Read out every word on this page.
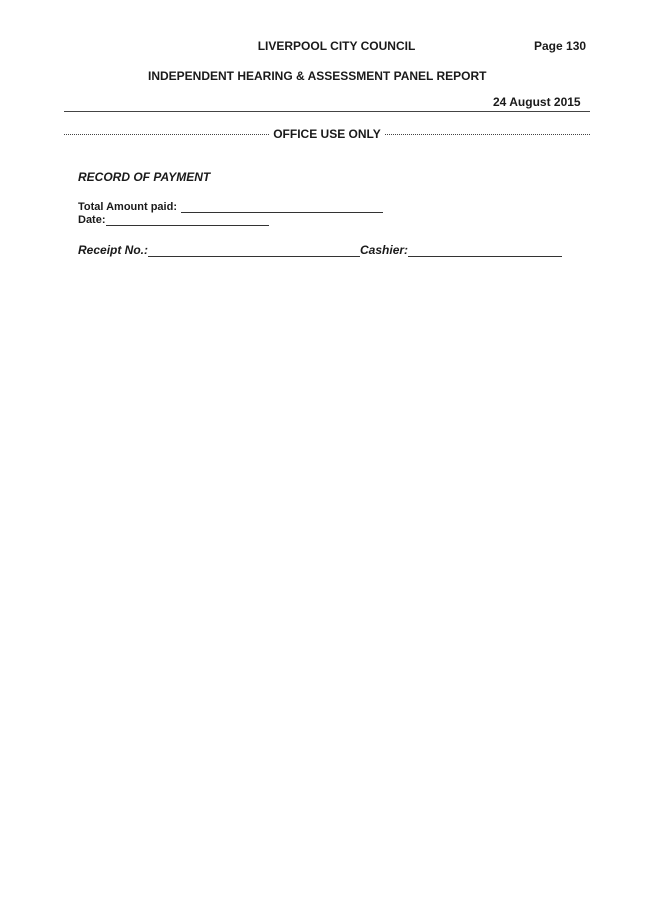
LIVERPOOL CITY COUNCIL	Page 130
INDEPENDENT HEARING & ASSESSMENT PANEL REPORT
24 August 2015
OFFICE USE ONLY
RECORD OF PAYMENT
Total Amount paid:
Date:
Receipt No.:	Cashier:
